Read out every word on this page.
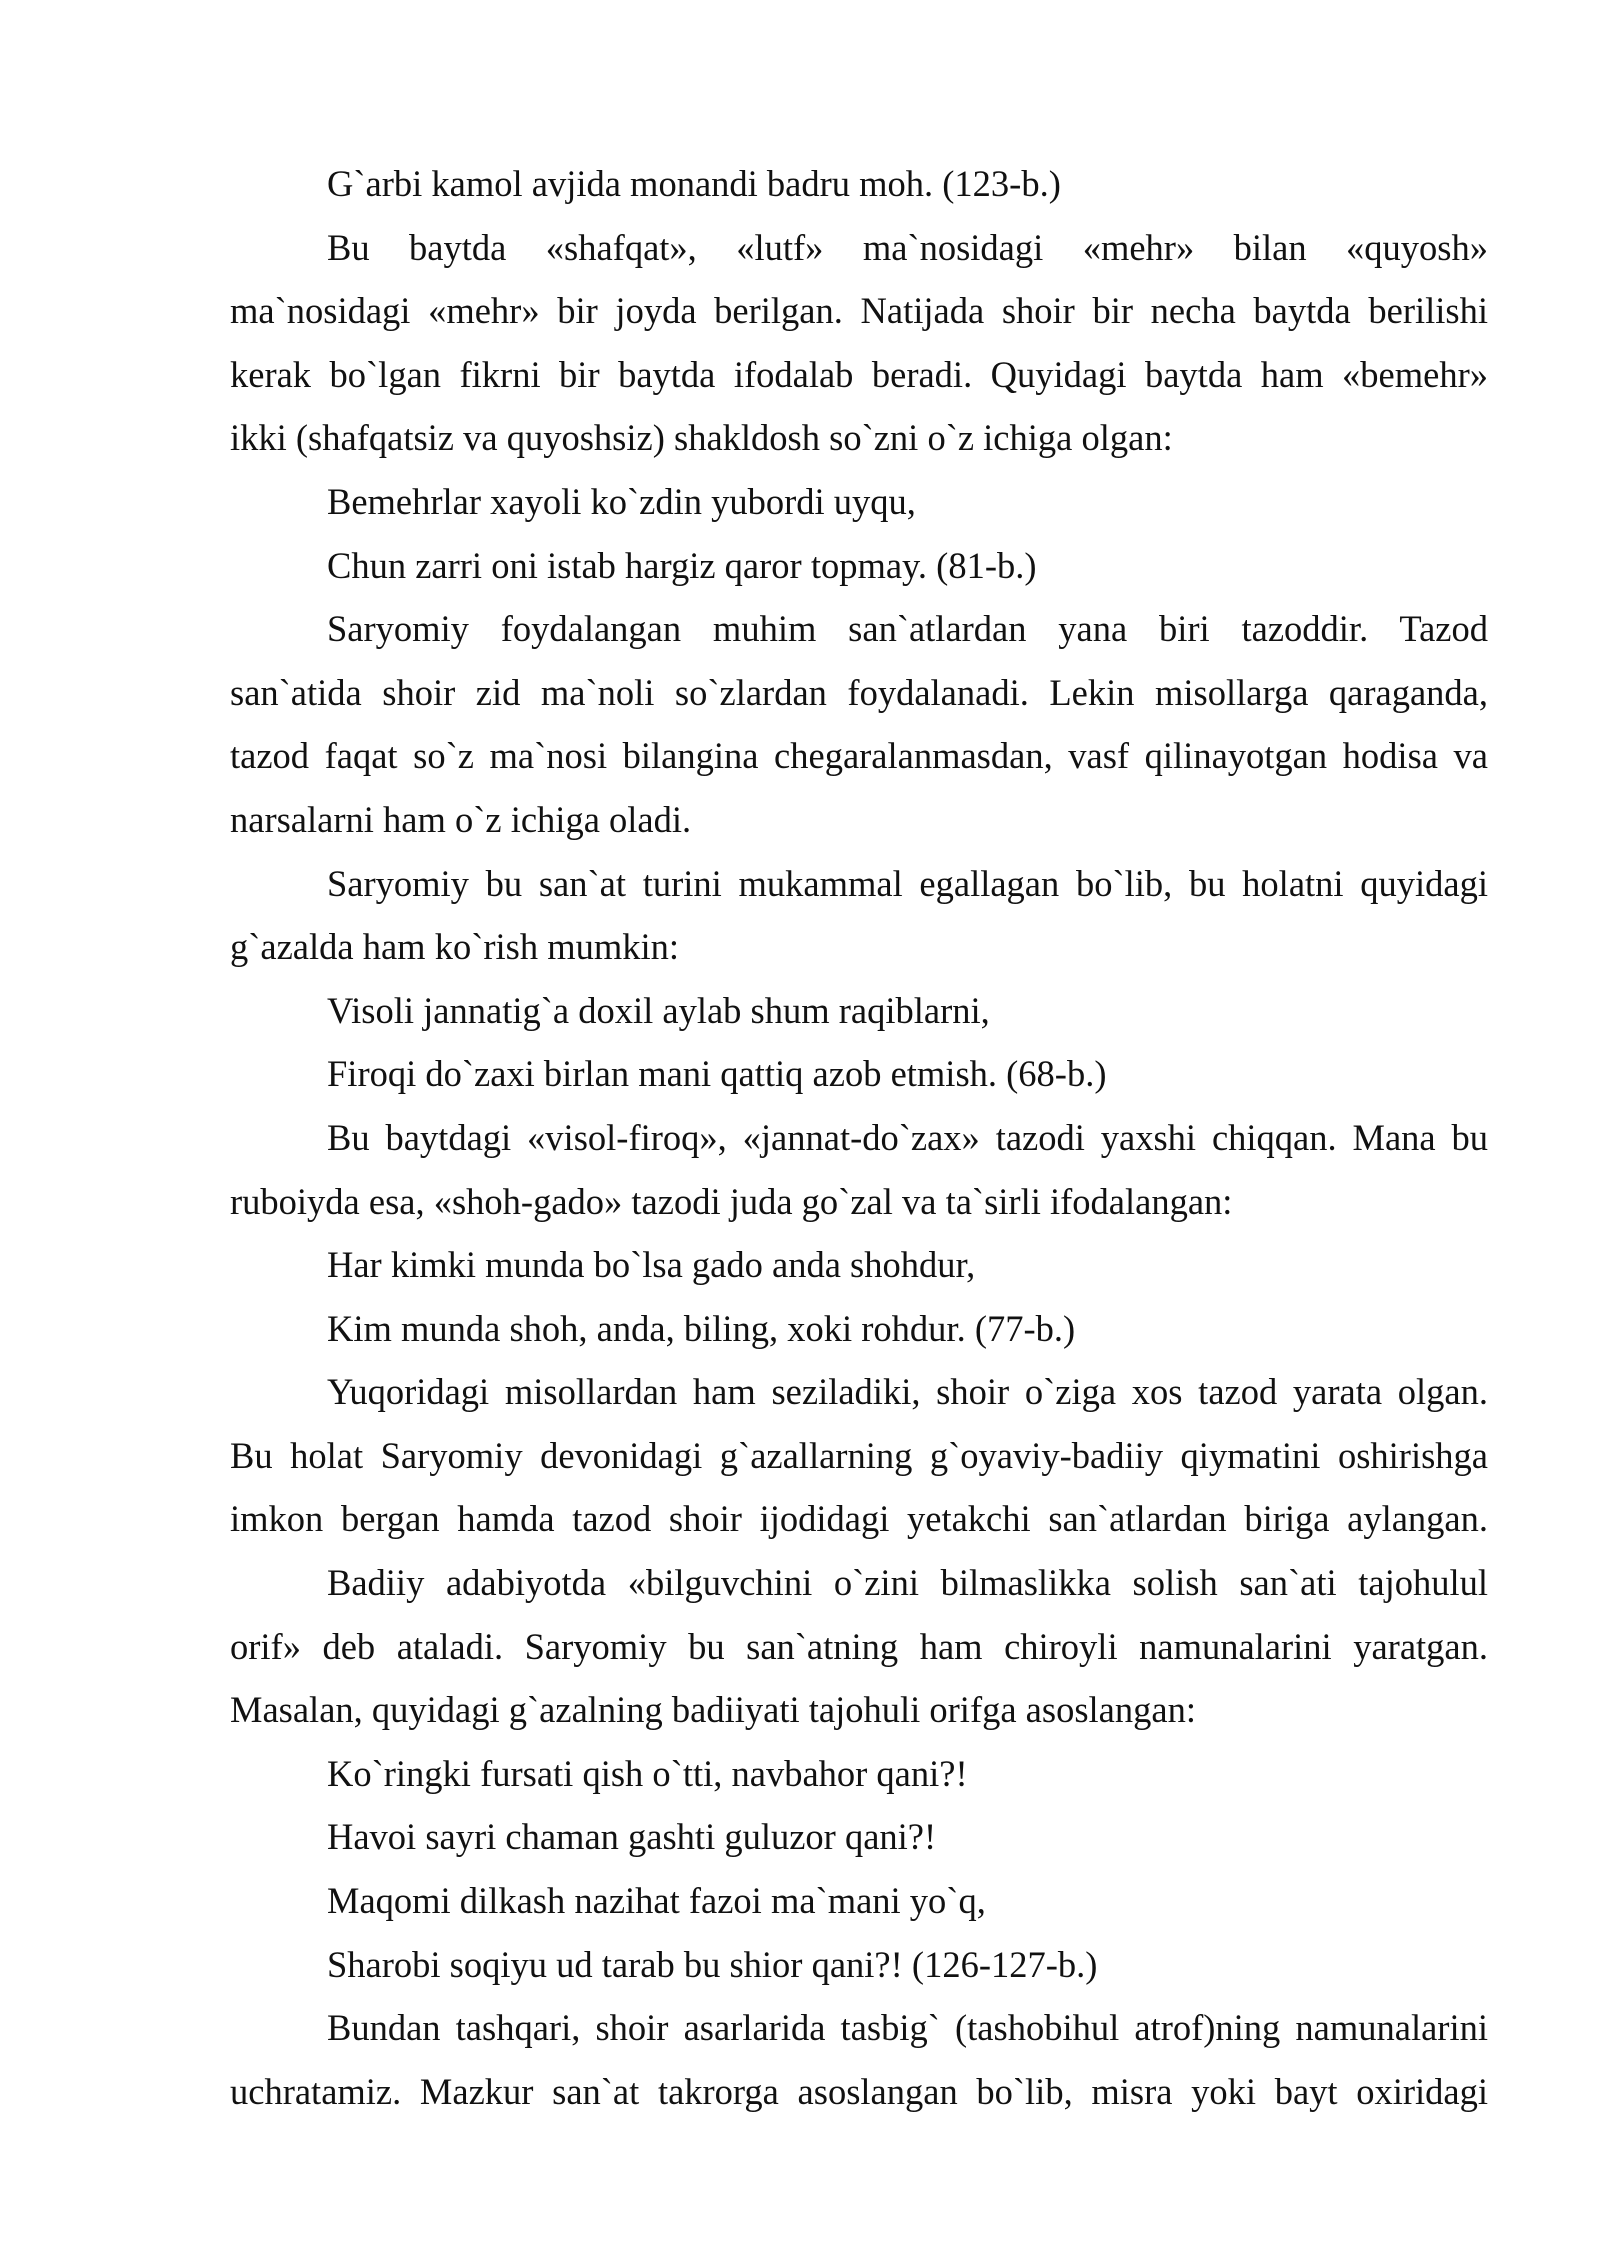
G`arbi kamol avjida monandi badru moh. (123-b.)
Bu baytda «shafqat», «lutf» ma`nosidagi «mehr» bilan «quyosh»
ma`nosidagi «mehr» bir joyda berilgan. Natijada shoir bir necha baytda berilishi
kerak bo`lgan fikrni bir baytda ifodalab beradi. Quyidagi baytda ham «bemehr»
ikki (shafqatsiz va quyoshsiz) shakldosh so`zni o`z ichiga olgan:
Bemehrlar xayoli ko`zdin yubordi uyqu,
Chun zarri oni istab hargiz qaror topmay. (81-b.)
Saryomiy foydalangan muhim san`atlardan yana biri tazoddir. Tazod
san`atida shoir zid ma`noli so`zlardan foydalanadi. Lekin misollarga qaraganda,
tazod faqat so`z ma`nosi bilangina chegaralanmasdan, vasf qilinayotgan hodisa va
narsalarni ham o`z ichiga oladi.
Saryomiy bu san`at turini mukammal egallagan bo`lib, bu holatni quyidagi
g`azalda ham ko`rish mumkin:
Visoli jannatig`a doxil aylab shum raqiblarni,
Firoqi do`zaxi birlan mani qattiq azob etmish. (68-b.)
Bu baytdagi «visol-firoq», «jannat-do`zax» tazodi yaxshi chiqqan. Mana bu
ruboiyda esa, «shoh-gado» tazodi juda go`zal va ta`sirli ifodalangan:
Har kimki munda bo`lsa gado anda shohdur,
Kim munda shoh, anda, biling, xoki rohdur. (77-b.)
Yuqoridagi misollardan ham seziladiki, shoir o`ziga xos tazod yarata olgan.
Bu holat Saryomiy devonidagi g`azallarning g`oyaviy-badiiy qiymatini oshirishga
imkon bergan hamda tazod shoir ijodidagi yetakchi san`atlardan biriga aylangan.
Badiiy adabiyotda «bilguvchini o`zini bilmaslikka solish san`ati tajohulul
orif» deb ataladi. Saryomiy bu san`atning ham chiroyli namunalarini yaratgan.
Masalan, quyidagi g`azalning badiiyati tajohuli orifga asoslangan:
Ko`ringki fursati qish o`tti, navbahor qani?!
Havoi sayri chaman gashti guluzor qani?!
Maqomi dilkash nazihat fazoi ma`mani yo`q,
Sharobi soqiyu ud tarab bu shior qani?! (126-127-b.)
Bundan tashqari, shoir asarlarida tasbig` (tashobihul atrof)ning namunalarini
uchratamiz. Mazkur san`at takrorga asoslangan bo`lib, misra yoki bayt oxiridagi
